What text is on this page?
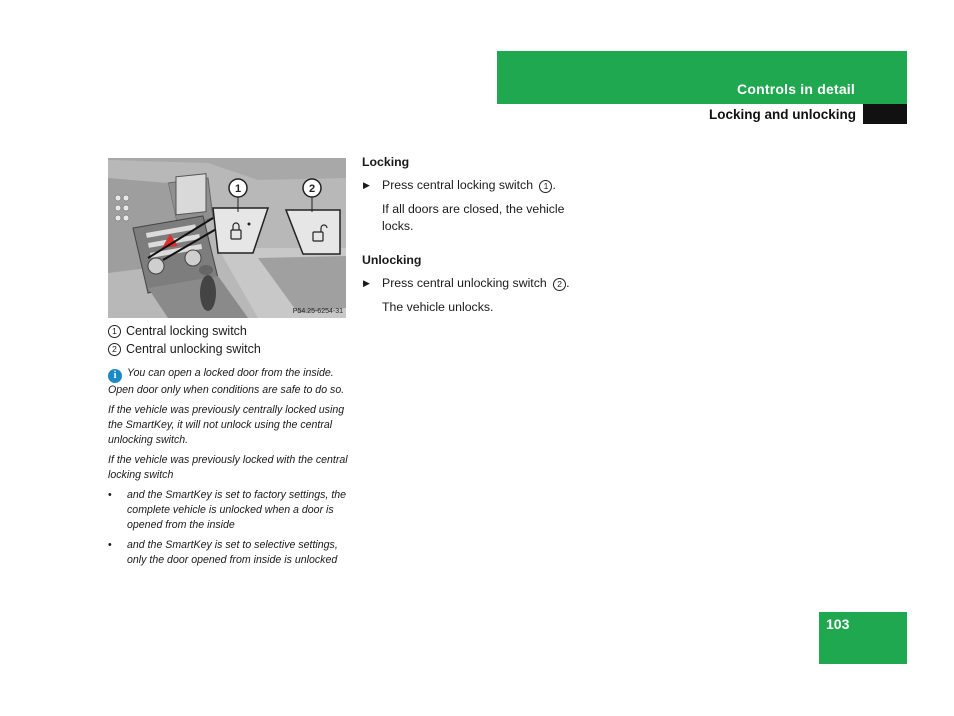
Controls in detail
Locking and unlocking
1	2
P54.25-6254-31
1 Central locking switch
2 Central unlocking switch

i You can open a locked door from the inside. Open door only when conditions are safe to do so.

If the vehicle was previously centrally locked using the SmartKey, it will not unlock using the central unlocking switch.

If the vehicle was previously locked with the central locking switch

• and the SmartKey is set to factory settings, the complete vehicle is unlocked when a door is opened from the inside
• and the SmartKey is set to selective settings, only the door opened from inside is unlocked

Locking

▶ Press central locking switch 1 .
If all doors are closed, the vehicle locks.

Unlocking

▶ Press central unlocking switch 2 .
The vehicle unlocks.
103
